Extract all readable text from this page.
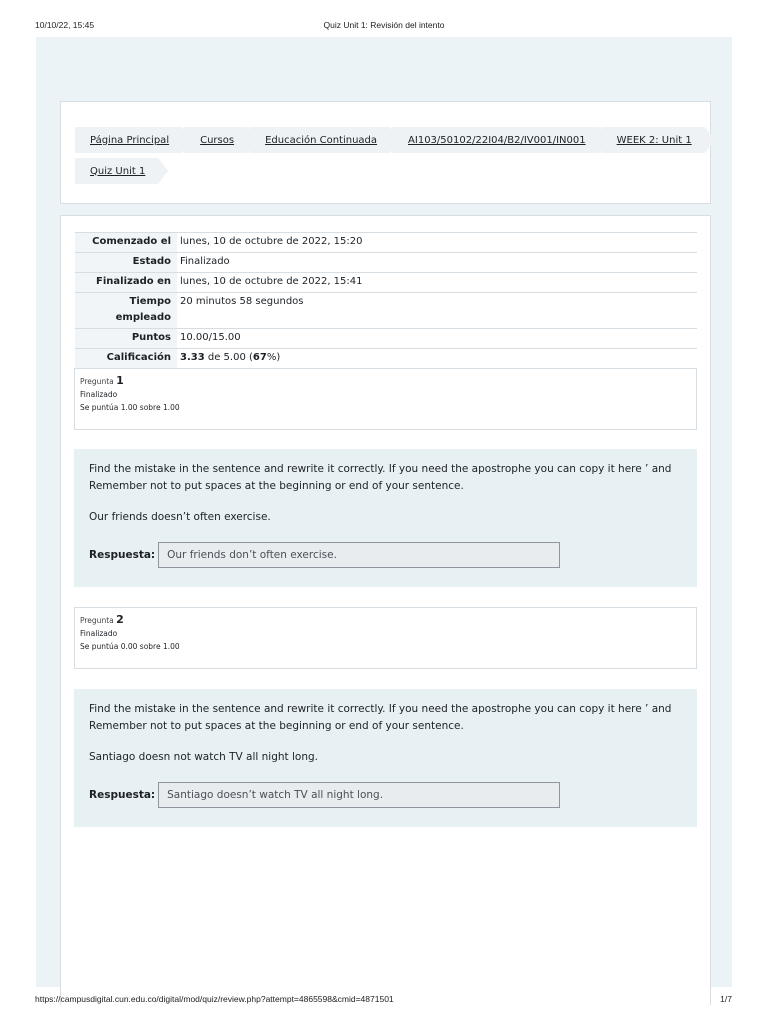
10/10/22, 15:45	Quiz Unit 1: Revisión del intento
Página Principal	Cursos	Educación Continuada	AI103/50102/22I04/B2/IV001/IN001	WEEK 2: Unit 1
Quiz Unit 1
Comenzado el	lunes, 10 de octubre de 2022, 15:20
Estado	Finalizado
Finalizado en	lunes, 10 de octubre de 2022, 15:41
Tiempo empleado	20 minutos 58 segundos
Puntos	10.00/15.00
Calificación	3.33 de 5.00 (67%)
Pregunta 1
Finalizado
Se puntúa 1.00 sobre 1.00
Find the mistake in the sentence and rewrite it correctly. If you need the apostrophe you can copy it here ’ and Remember not to put spaces at the beginning or end of your sentence.
Our friends doesn’t often exercise.
Respuesta:	Our friends don’t often exercise.
Pregunta 2
Finalizado
Se puntúa 0.00 sobre 1.00
Find the mistake in the sentence and rewrite it correctly. If you need the apostrophe you can copy it here ’ and Remember not to put spaces at the beginning or end of your sentence.
Santiago doesn not watch TV all night long.
Respuesta:	Santiago doesn’t watch TV all night long.
https://campusdigital.cun.edu.co/digital/mod/quiz/review.php?attempt=4865598&cmid=4871501	1/7
